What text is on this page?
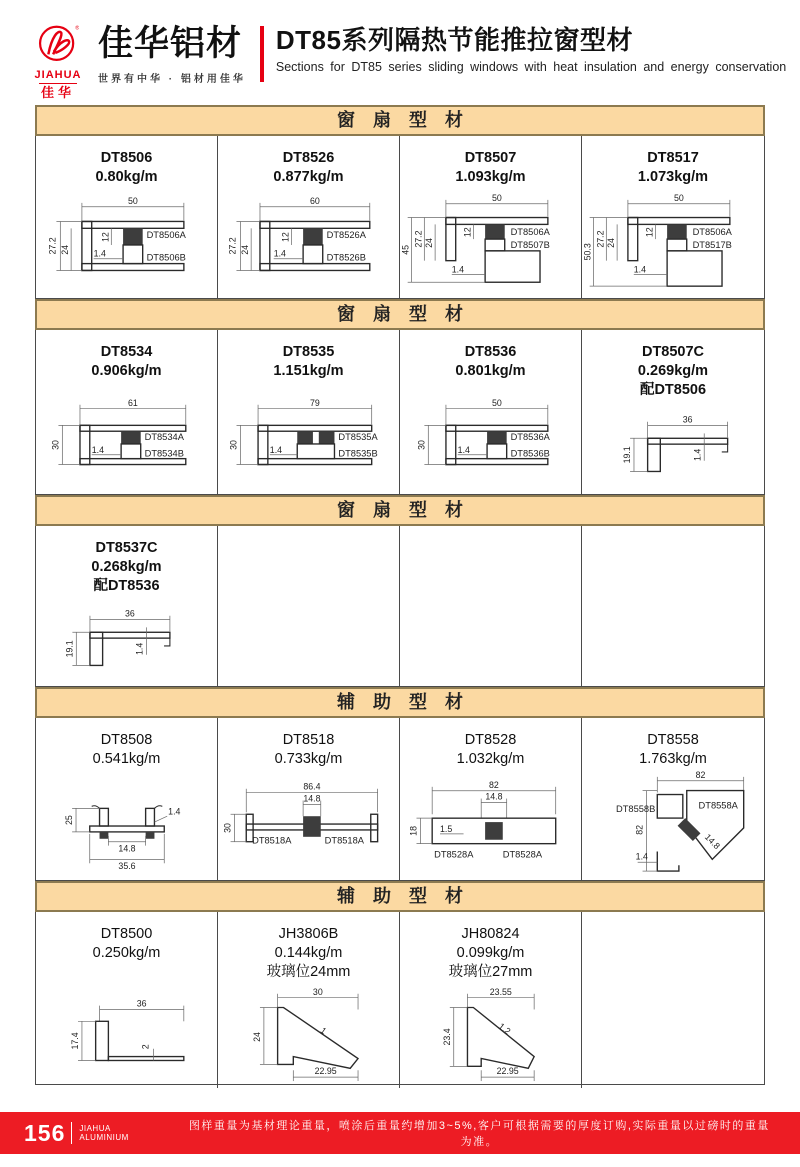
®
JIAHUA
佳华
佳华铝材
世界有中华 · 铝材用佳华
DT85系列隔热节能推拉窗型材
Sections for DT85 series sliding windows with heat insulation and energy conservation
窗扇型材
DT8506
0.80kg/m
50
27.2 24
12
1.4
DT8506A
DT8506B
DT8526
0.877kg/m
60
27.2 24
12
1.4
DT8526A
DT8526B
DT8507
1.093kg/m
50
45
27.2 24
12
1.4
DT8506A
DT8507B
DT8517
1.073kg/m
50
50.3
27.2 24
12
1.4
DT8506A
DT8517B
窗扇型材
DT8534
0.906kg/m
61
30	1.4
DT8534A
DT8534B
DT8535
1.151kg/m
79
30	1.4
DT8535A
DT8535B
DT8536
0.801kg/m
50
30	1.4
DT8536A
DT8536B
DT8507C
0.269kg/m
配DT8506
36
19.1	1.4
窗扇型材
DT8537C
0.268kg/m
配DT8536
36
19.1	1.4
辅助型材
DT8508
0.541kg/m
25
1.4
14.8
35.6
DT8518
0.733kg/m
86.4
14.8
30
DT8518A	DT8518A
DT8528
1.032kg/m
82
14.8
1.5
18
DT8528A	DT8528A
DT8558
1.763kg/m
82
82
14.8
1.4
DT8558B	DT8558A
辅助型材
DT8500
0.250kg/m
36
17.4	2
JH3806B
0.144kg/m
玻璃位24mm
30
24
1
22.95
JH80824
0.099kg/m
玻璃位27mm
23.55
23.4	1.2
22.95
156 JIAHUA
ALUMINIUM
图样重量为基材理论重量，喷涂后重量约增加3~5%,客户可根据需要的厚度订购,实际重量以过磅时的重量为准。
